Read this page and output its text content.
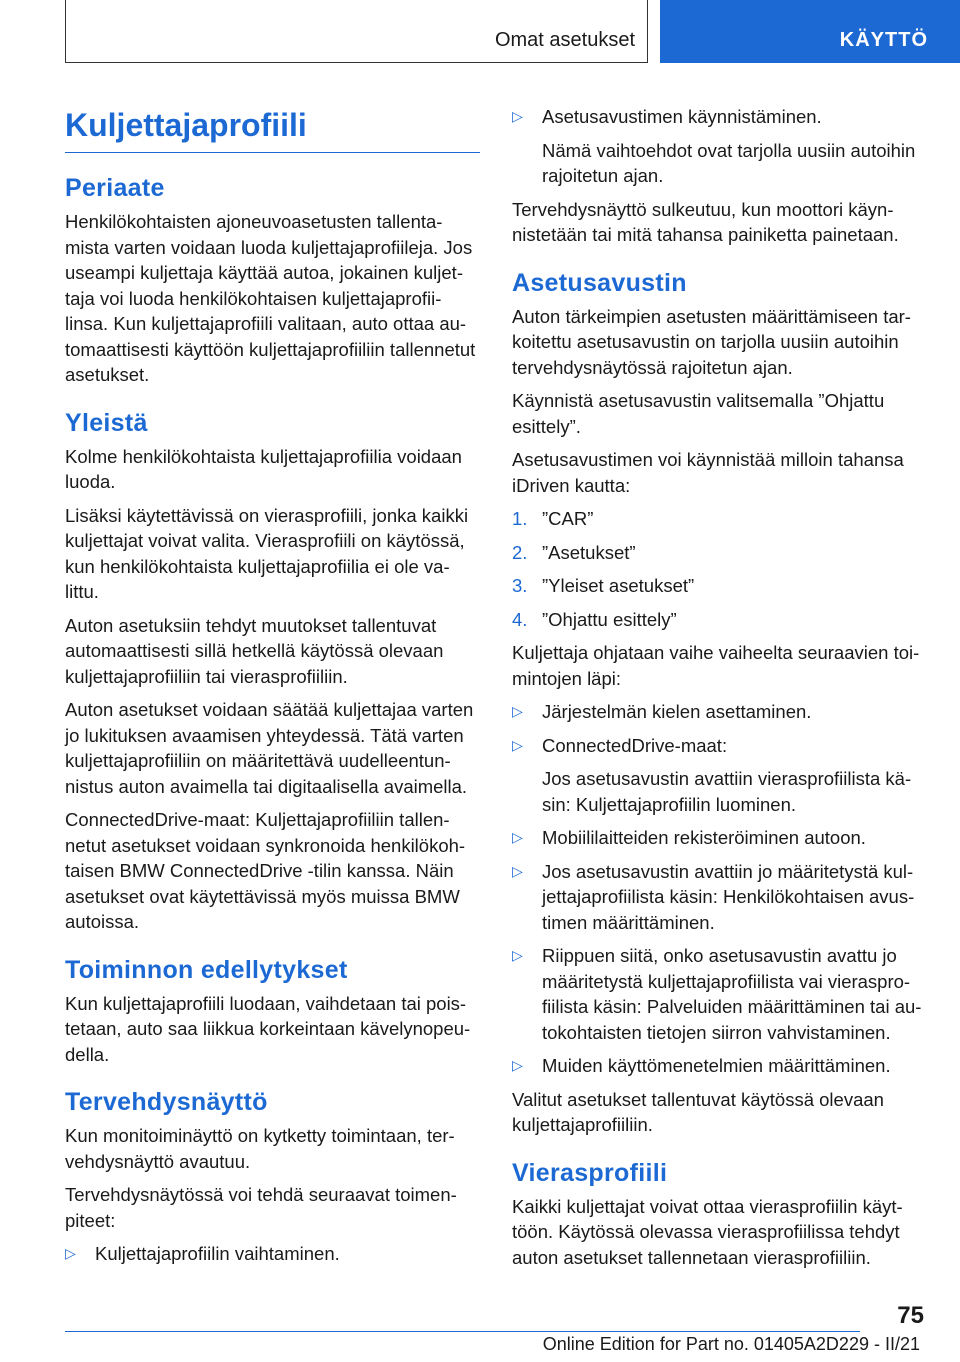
Omat asetukset	KÄYTTÖ
Kuljettajaprofiili
Periaate

Henkilökohtaisten ajoneuvoasetusten tallenta-mista varten voidaan luoda kuljettajaprofiileja. Jos useampi kuljettaja käyttää autoa, jokainen kuljet-taja voi luoda henkilökohtaisen kuljettajaprofii-linsa. Kun kuljettajaprofiili valitaan, auto ottaa au-tomaattisesti käyttöön kuljettajaprofiiliin tallennetut asetukset.

Yleistä

Kolme henkilökohtaista kuljettajaprofiilia voidaan luoda.

Lisäksi käytettävissä on vierasprofiili, jonka kaikki kuljettajat voivat valita. Vierasprofiili on käytössä, kun henkilökohtaista kuljettajaprofiilia ei ole va-littu.

Auton asetuksiin tehdyt muutokset tallentuvat automaattisesti sillä hetkellä käytössä olevaan kuljettajaprofiiliin tai vierasprofiiliin.

Auton asetukset voidaan säätää kuljettajaa varten jo lukituksen avaamisen yhteydessä. Tätä varten kuljettajaprofiiliin on määritettävä uudelleentun-nistus auton avaimella tai digitaalisella avaimella.

ConnectedDrive-maat: Kuljettajaprofiiliin tallen-netut asetukset voidaan synkronoida henkilökoh-taisen BMW ConnectedDrive -tilin kanssa. Näin asetukset ovat käytettävissä myös muissa BMW autoissa.

Toiminnon edellytykset

Kun kuljettajaprofiili luodaan, vaihdetaan tai pois-tetaan, auto saa liikkua korkeintaan kävelynopeu-della.

Tervehdysnäyttö

Kun monitoiminäyttö on kytketty toimintaan, ter-vehdysnäyttö avautuu.

Tervehdysnäytössä voi tehdä seuraavat toimen-piteet:

▷ Kuljettajaprofiilin vaihtaminen.

▷ Asetusavustimen käynnistäminen.

Nämä vaihtoehdot ovat tarjolla uusiin autoihin rajoitetun ajan.

Tervehdysnäyttö sulkeutuu, kun moottori käyn-nistetään tai mitä tahansa painiketta painetaan.

Asetusavustin

Auton tärkeimpien asetusten määrittämiseen tar-koitettu asetusavustin on tarjolla uusiin autoihin tervehdysnäytössä rajoitetun ajan.

Käynnistä asetusavustin valitsemalla ”Ohjattu esittely”.

Asetusavustimen voi käynnistää milloin tahansa iDriven kautta:

1. ”CAR”

2. ”Asetukset”

3. ”Yleiset asetukset”

4. ”Ohjattu esittely”

Kuljettaja ohjataan vaihe vaiheelta seuraavien toi-mintojen läpi:

▷ Järjestelmän kielen asettaminen.

▷ ConnectedDrive-maat:

Jos asetusavustin avattiin vierasprofiilista kä-sin: Kuljettajaprofiilin luominen.

▷ Mobiililaitteiden rekisteröiminen autoon.

▷ Jos asetusavustin avattiin jo määritetystä kul-jettajaprofiilista käsin: Henkilökohtaisen avus-timen määrittäminen.

▷ Riippuen siitä, onko asetusavustin avattu jo määritetystä kuljettajaprofiilista vai vieraspro-fiilista käsin: Palveluiden määrittäminen tai au-tokohtaisten tietojen siirron vahvistaminen.

▷ Muiden käyttömenetelmien määrittäminen.

Valitut asetukset tallentuvat käytössä olevaan kuljettajaprofiiliin.

Vierasprofiili

Kaikki kuljettajat voivat ottaa vierasprofiilin käyt-töön. Käytössä olevassa vierasprofiilissa tehdyt auton asetukset tallennetaan vierasprofiiliin.

75
Online Edition for Part no. 01405A2D229 - II/21
